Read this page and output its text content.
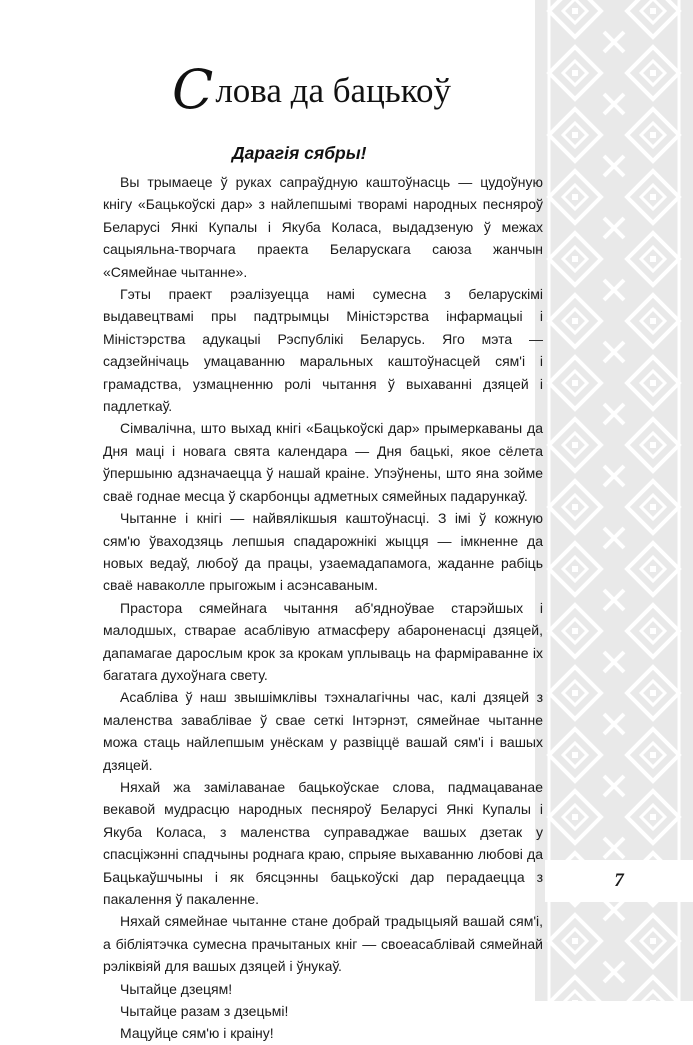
7
Слова да бацькоў
Дарагія сябры!

Вы трымаеце ў руках сапраўдную каштоўнасць — цудоўную кнігу «Бацькоўскі дар» з найлепшымі творамі народных песняроў Беларусі Янкі Купалы і Якуба Коласа, выдадзеную ў межах сацыяльна-творчага праекта Беларускага саюза жанчын «Сямейнае чытанне».

Гэты праект рэалізуецца намі сумесна з беларускімі выдавецтвамі пры падтрымцы Міністэрства інфармацыі і Міністэрства адукацыі Рэспублікі Беларусь. Яго мэта — садзейнічаць умацаванню маральных каштоўнасцей сям'і і грамадства, узмацненню ролі чытання ў выхаванні дзяцей і падлеткаў.

Сімвалічна, што выхад кнігі «Бацькоўскі дар» прымеркаваны да Дня маці і новага свята календара — Дня бацькі, якое сёлета ўпершыню адзначаецца ў нашай краіне. Упэўнены, што яна зойме сваё годнае месца ў скарбонцы адметных сямейных падарункаў.

Чытанне і кнігі — найвялікшыя каштоўнасці. З імі ў кожную сям'ю ўваходзяць лепшыя спадарожнікі жыцця — імкненне да новых ведаў, любоў да працы, узаемадапамога, жаданне рабіць сваё наваколле прыгожым і асэнсаваным.

Прастора сямейнага чытання аб'ядноўвае старэйшых і малодшых, стварае асаблівую атмасферу абароненасці дзяцей, дапамагае дарослым крок за крокам уплываць на фарміраванне іх багатага духоўнага свету.

Асаблівa ў наш звышімклівы тэхналагічны час, калі дзяцей з маленства заваблівае ў свае сеткі Інтэрнэт, сямейнае чытанне можа стаць найлепшым унёскам у развіццё вашай сям'і і вашых дзяцей.

Няхай жа замілаванае бацькоўскае слова, падмацаванае векавой мудрасцю народных песняроў Беларусі Янкі Купалы і Якуба Коласа, з маленства суправаджае вашых дзетак у спасцiжэнні спадчыны роднага краю, спрыяе выхаванню любові да Бацькаўшчыны і як бясцэнны бацькоўскі дар перадаецца з пакалення ў пакаленне.

Няхай сямейнае чытанне стане добрай традыцыяй вашай сям'і, а бібліятэчка сумесна прачытаных кніг — своеасаблівай сямейнай рэліквіяй для вашых дзяцей і ўнукаў.

Чытайце дзецям!

Чытайце разам з дзецьмі!

Мацуйце сям'ю і краіну!
